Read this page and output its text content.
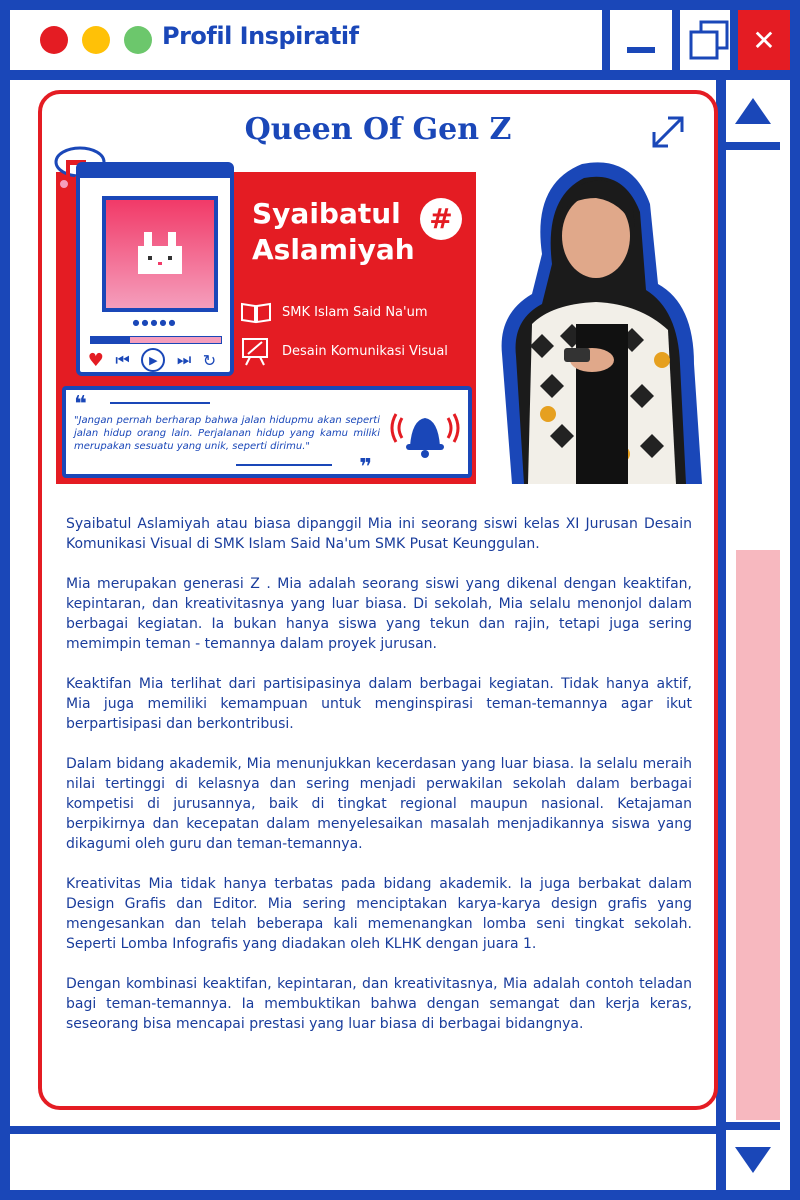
Profil Inspiratif	✕
Queen Of Gen Z
●●●●●
♥ ⏮	▶	⏭ ↻
Syaibatul
Aslamiyah
#
SMK Islam Said Na'um
Desain Komunikasi Visual
❝
"Jangan pernah berharap bahwa jalan hidupmu akan seperti jalan hidup orang lain. Perjalanan hidup yang kamu miliki merupakan sesuatu yang unik, seperti dirimu."
❞

Syaibatul Aslamiyah atau biasa dipanggil Mia ini seorang siswi kelas XI Jurusan Desain Komunikasi Visual di SMK Islam Said Na'um SMK Pusat Keunggulan.

Mia merupakan generasi Z . Mia adalah seorang siswi yang dikenal dengan keaktifan, kepintaran, dan kreativitasnya yang luar biasa. Di sekolah, Mia selalu menonjol dalam berbagai kegiatan. Ia bukan hanya siswa yang tekun dan rajin, tetapi juga sering memimpin teman - temannya dalam proyek jurusan.

Keaktifan Mia terlihat dari partisipasinya dalam berbagai kegiatan. Tidak hanya aktif, Mia juga memiliki kemampuan untuk menginspirasi teman-temannya agar ikut berpartisipasi dan berkontribusi.

Dalam bidang akademik, Mia menunjukkan kecerdasan yang luar biasa. Ia selalu meraih nilai tertinggi di kelasnya dan sering menjadi perwakilan sekolah dalam berbagai kompetisi di jurusannya, baik di tingkat regional maupun nasional. Ketajaman berpikirnya dan kecepatan dalam menyelesaikan masalah menjadikannya siswa yang dikagumi oleh guru dan teman-temannya.

Kreativitas Mia tidak hanya terbatas pada bidang akademik. Ia juga berbakat dalam Design Grafis dan Editor. Mia sering menciptakan karya-karya design grafis yang mengesankan dan telah beberapa kali memenangkan lomba seni tingkat sekolah. Seperti Lomba Infografis yang diadakan oleh KLHK dengan juara 1.

Dengan kombinasi keaktifan, kepintaran, dan kreativitasnya, Mia adalah contoh teladan bagi teman-temannya. Ia membuktikan bahwa dengan semangat dan kerja keras, seseorang bisa mencapai prestasi yang luar biasa di berbagai bidangnya.
